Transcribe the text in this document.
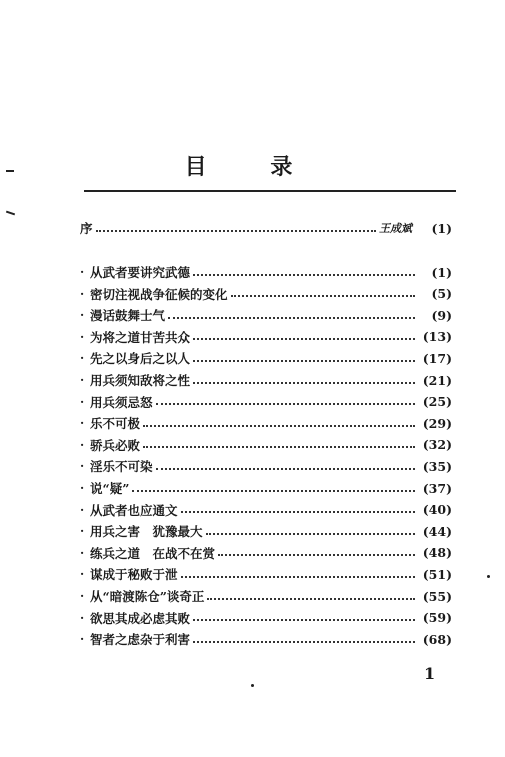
目 录
序	王成斌	(1)
· 从武者要讲究武德	(1)
· 密切注视战争征候的变化	(5)
· 漫话鼓舞士气	(9)
· 为将之道甘苦共众	(13)
· 先之以身后之以人	(17)
· 用兵须知敌将之性	(21)
· 用兵须忌怒	(25)
· 乐不可极	(29)
· 骄兵必败	(32)
· 淫乐不可染	(35)
· 说“疑”	(37)
· 从武者也应通文	(40)
· 用兵之害　犹豫最大	(44)
· 练兵之道　在战不在赏	(48)
· 谋成于秘败于泄	(51)
· 从“暗渡陈仓”谈奇正	(55)
· 欲思其成必虑其败	(59)
· 智者之虑杂于利害	(68)
1
